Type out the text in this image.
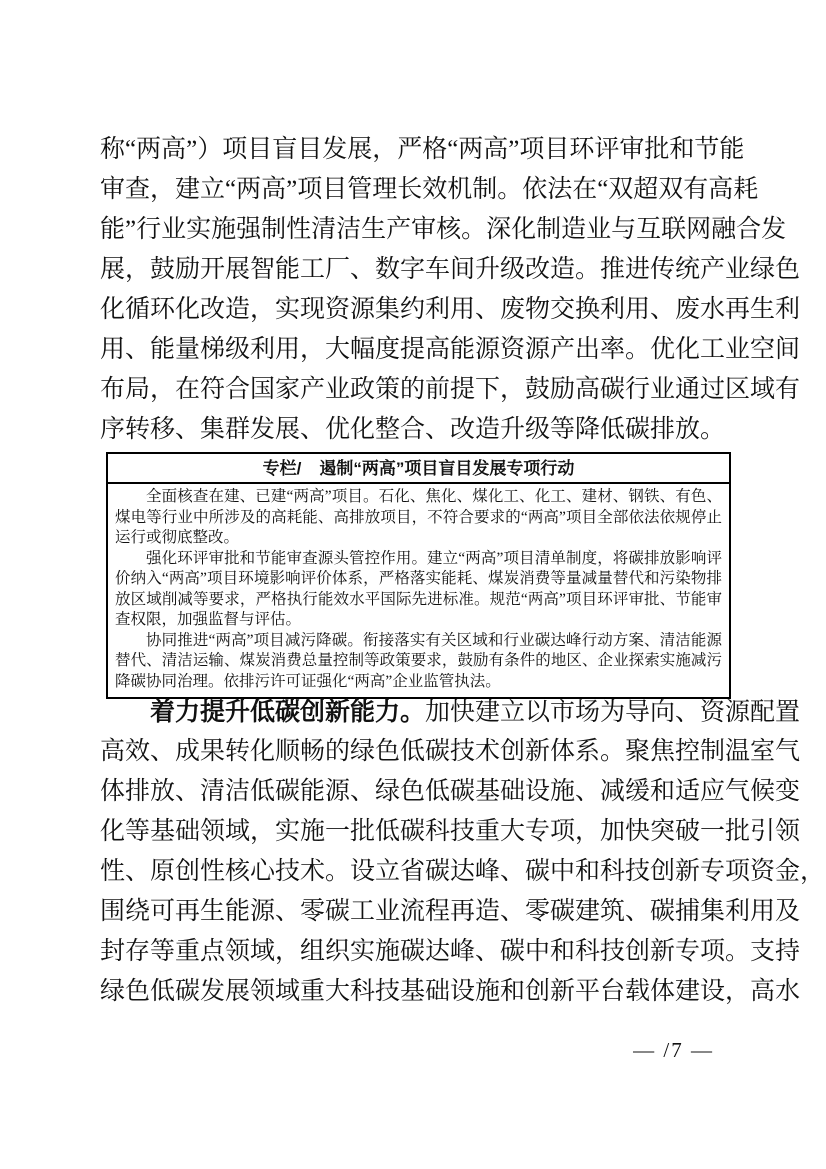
称“两高”）项目盲目发展，严格“两高”项目环评审批和节能
审查，建立“两高”项目管理长效机制。依法在“双超双有高耗
能”行业实施强制性清洁生产审核。深化制造业与互联网融合发
展，鼓励开展智能工厂、数字车间升级改造。推进传统产业绿色
化循环化改造，实现资源集约利用、废物交换利用、废水再生利
用、能量梯级利用，大幅度提高能源资源产出率。优化工业空间
布局，在符合国家产业政策的前提下，鼓励高碳行业通过区域有
序转移、集群发展、优化整合、改造升级等降低碳排放。
专栏/ 遏制“两高”项目盲目发展专项行动

全面核查在建、已建“两高”项目。石化、焦化、煤化工、化工、建材、钢铁、有色、煤电等行业中所涉及的高耗能、高排放项目，不符合要求的“两高”项目全部依法依规停止运行或彻底整改。

强化环评审批和节能审查源头管控作用。建立“两高”项目清单制度，将碳排放影响评价纳入“两高”项目环境影响评价体系，严格落实能耗、煤炭消费等量减量替代和污染物排放区域削减等要求，严格执行能效水平国际先进标准。规范“两高”项目环评审批、节能审查权限，加强监督与评估。

协同推进“两高”项目减污降碳。衔接落实有关区域和行业碳达峰行动方案、清洁能源替代、清洁运输、煤炭消费总量控制等政策要求，鼓励有条件的地区、企业探索实施减污降碳协同治理。依排污许可证强化“两高”企业监管执法。

着力提升低碳创新能力。加快建立以市场为导向、资源配置
高效、成果转化顺畅的绿色低碳技术创新体系。聚焦控制温室气
体排放、清洁低碳能源、绿色低碳基础设施、减缓和适应气候变
化等基础领域，实施一批低碳科技重大专项，加快突破一批引领
性、原创性核心技术。设立省碳达峰、碳中和科技创新专项资金，
围绕可再生能源、零碳工业流程再造、零碳建筑、碳捕集利用及
封存等重点领域，组织实施碳达峰、碳中和科技创新专项。支持
绿色低碳发展领域重大科技基础设施和创新平台载体建设，高水
— /7 —
